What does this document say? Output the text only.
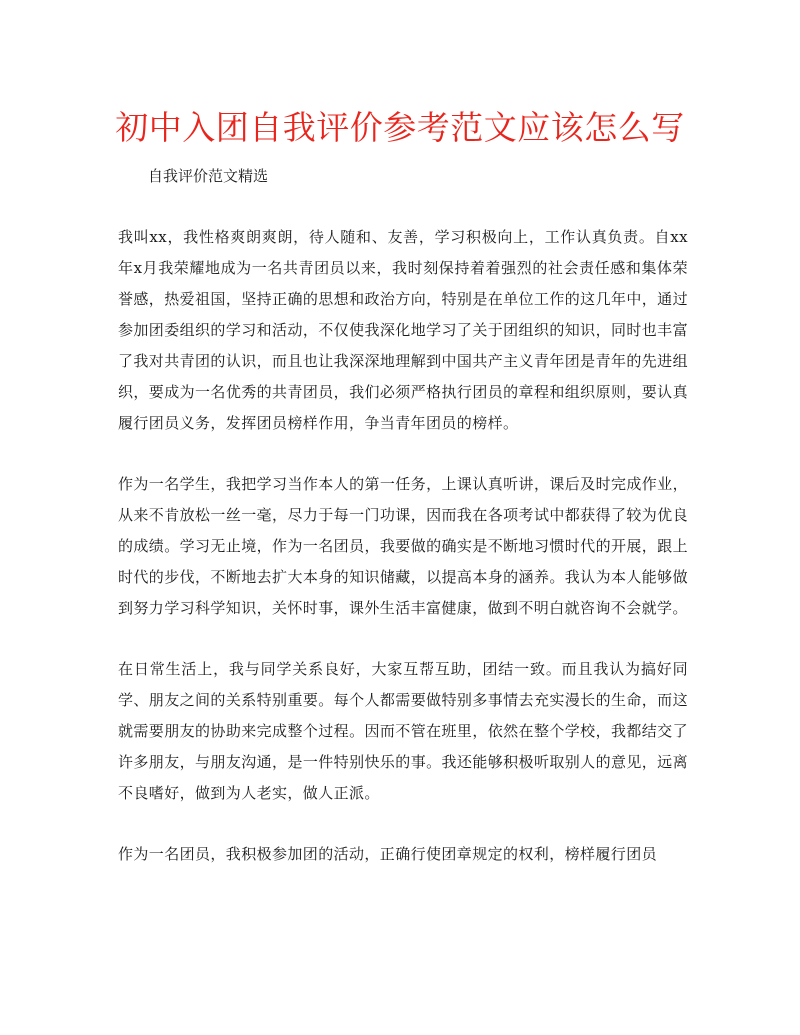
初中入团自我评价参考范文应该怎么写

自我评价范文精选

我叫xx，我性格爽朗爽朗，待人随和、友善，学习积极向上，工作认真负责。自xx年x月我荣耀地成为一名共青团员以来，我时刻保持着着强烈的社会责任感和集体荣誉感，热爱祖国，坚持正确的思想和政治方向，特别是在单位工作的这几年中，通过参加团委组织的学习和活动，不仅使我深化地学习了关于团组织的知识，同时也丰富了我对共青团的认识，而且也让我深深地理解到中国共产主义青年团是青年的先进组织，要成为一名优秀的共青团员，我们必须严格执行团员的章程和组织原则，要认真履行团员义务，发挥团员榜样作用，争当青年团员的榜样。

作为一名学生，我把学习当作本人的第一任务，上课认真听讲，课后及时完成作业，从来不肯放松一丝一毫，尽力于每一门功课，因而我在各项考试中都获得了较为优良的成绩。学习无止境，作为一名团员，我要做的确实是不断地习惯时代的开展，跟上时代的步伐，不断地去扩大本身的知识储藏，以提高本身的涵养。我认为本人能够做到努力学习科学知识，关怀时事，课外生活丰富健康，做到不明白就咨询不会就学。

在日常生活上，我与同学关系良好，大家互帮互助，团结一致。而且我认为搞好同学、朋友之间的关系特别重要。每个人都需要做特别多事情去充实漫长的生命，而这就需要朋友的协助来完成整个过程。因而不管在班里，依然在整个学校，我都结交了许多朋友，与朋友沟通，是一件特别快乐的事。我还能够积极听取别人的意见，远离不良嗜好，做到为人老实，做人正派。

作为一名团员，我积极参加团的活动，正确行使团章规定的权利，榜样履行团员
